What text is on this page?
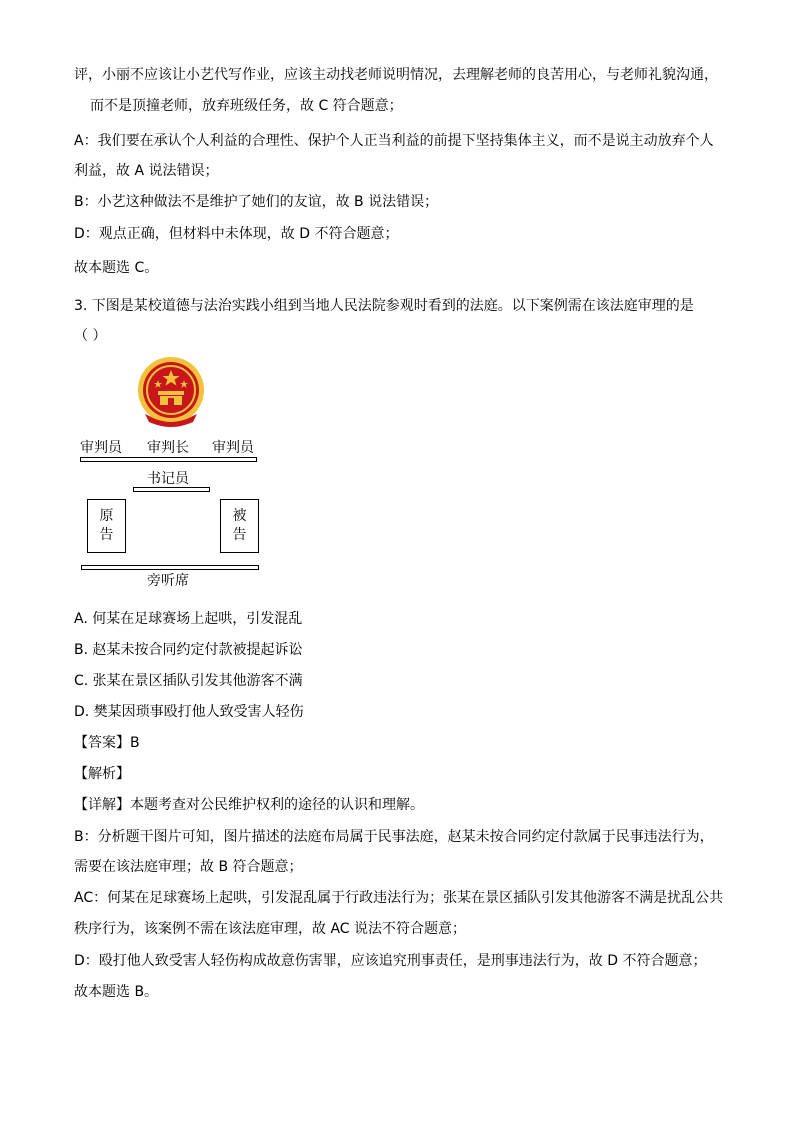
评，小丽不应该让小艺代写作业，应该主动找老师说明情况，去理解老师的良苦用心，与老师礼貌沟通，
而不是顶撞老师，放弃班级任务，故 C 符合题意；
A：我们要在承认个人利益的合理性、保护个人正当利益的前提下坚持集体主义，而不是说主动放弃个人
利益，故 A 说法错误；
B：小艺这种做法不是维护了她们的友谊，故 B 说法错误；
D：观点正确，但材料中未体现，故 D 不符合题意；
故本题选 C。
3. 下图是某校道德与法治实践小组到当地人民法院参观时看到的法庭。以下案例需在该法庭审理的是
（ ）
审判员 审判长 审判员
书记员
原
告
被
告
旁听席
A. 何某在足球赛场上起哄，引发混乱
B. 赵某未按合同约定付款被提起诉讼
C. 张某在景区插队引发其他游客不满
D. 樊某因琐事殴打他人致受害人轻伤
【答案】B
【解析】
【详解】本题考查对公民维护权利的途径的认识和理解。
B：分析题干图片可知，图片描述的法庭布局属于民事法庭，赵某未按合同约定付款属于民事违法行为，
需要在该法庭审理；故 B 符合题意；
AC：何某在足球赛场上起哄，引发混乱属于行政违法行为；张某在景区插队引发其他游客不满是扰乱公共
秩序行为，该案例不需在该法庭审理，故 AC 说法不符合题意；
D：殴打他人致受害人轻伤构成故意伤害罪，应该追究刑事责任，是刑事违法行为，故 D 不符合题意；
故本题选 B。
